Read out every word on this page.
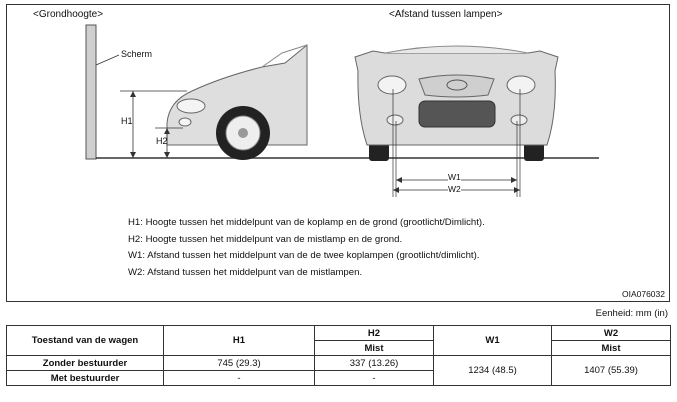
<Grondhoogte>	<Afstand tussen lampen>
Scherm
H1
H2
W1
W2
H1: Hoogte tussen het middelpunt van de koplamp en de grond (grootlicht/Dimlicht).
H2: Hoogte tussen het middelpunt van de mistlamp en de grond.
W1: Afstand tussen het middelpunt van de de twee koplampen (grootlicht/dimlicht).
W2: Afstand tussen het middelpunt van de mistlampen.
OIA076032
Eenheid: mm (in)
Toestand van de wagen	H1	H2	W1	W2
		Mist		Mist
Zonder bestuurder	745 (29.3)	337 (13.26)	1234 (48.5)	1407 (55.39)
Met bestuurder	-	-		
